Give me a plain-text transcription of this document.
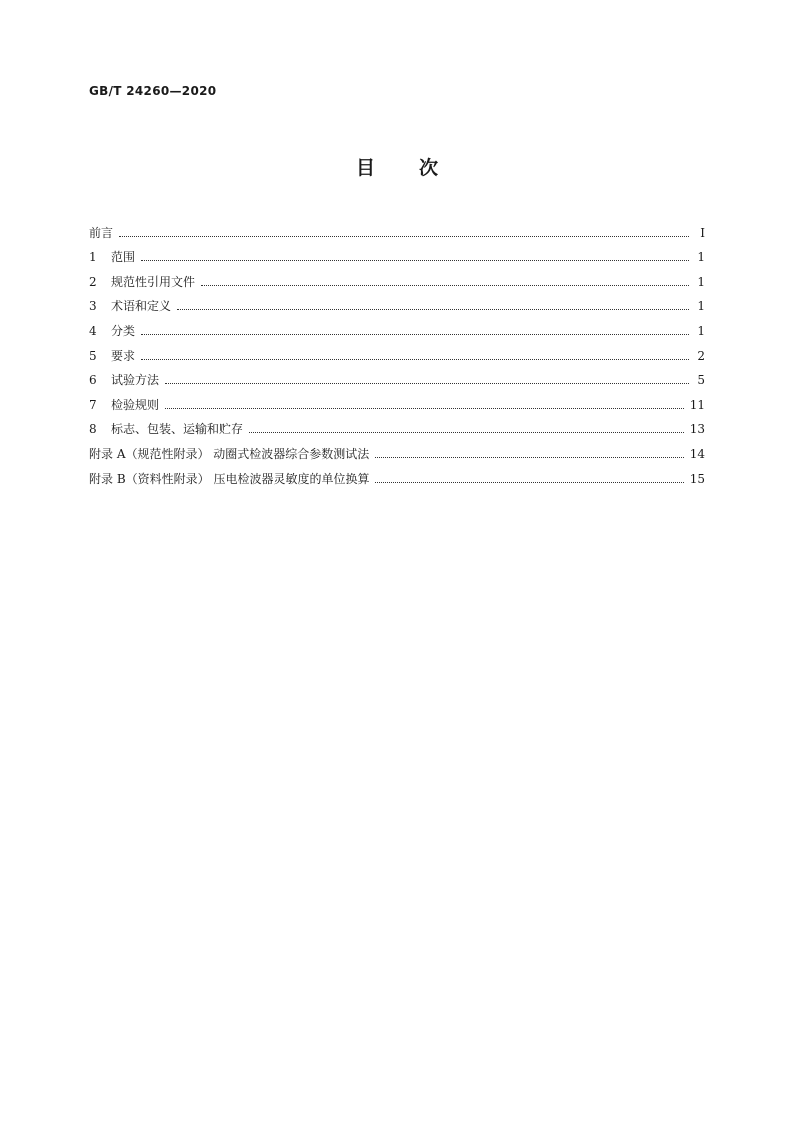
GB/T 24260—2020
目 次
前言	Ⅰ
1 范围	1
2 规范性引用文件	1
3 术语和定义	1
4 分类	1
5 要求	2
6 试验方法	5
7 检验规则	11
8 标志、包装、运输和贮存	13
附录 A（规范性附录） 动圈式检波器综合参数测试法	14
附录 B（资料性附录） 压电检波器灵敏度的单位换算	15
